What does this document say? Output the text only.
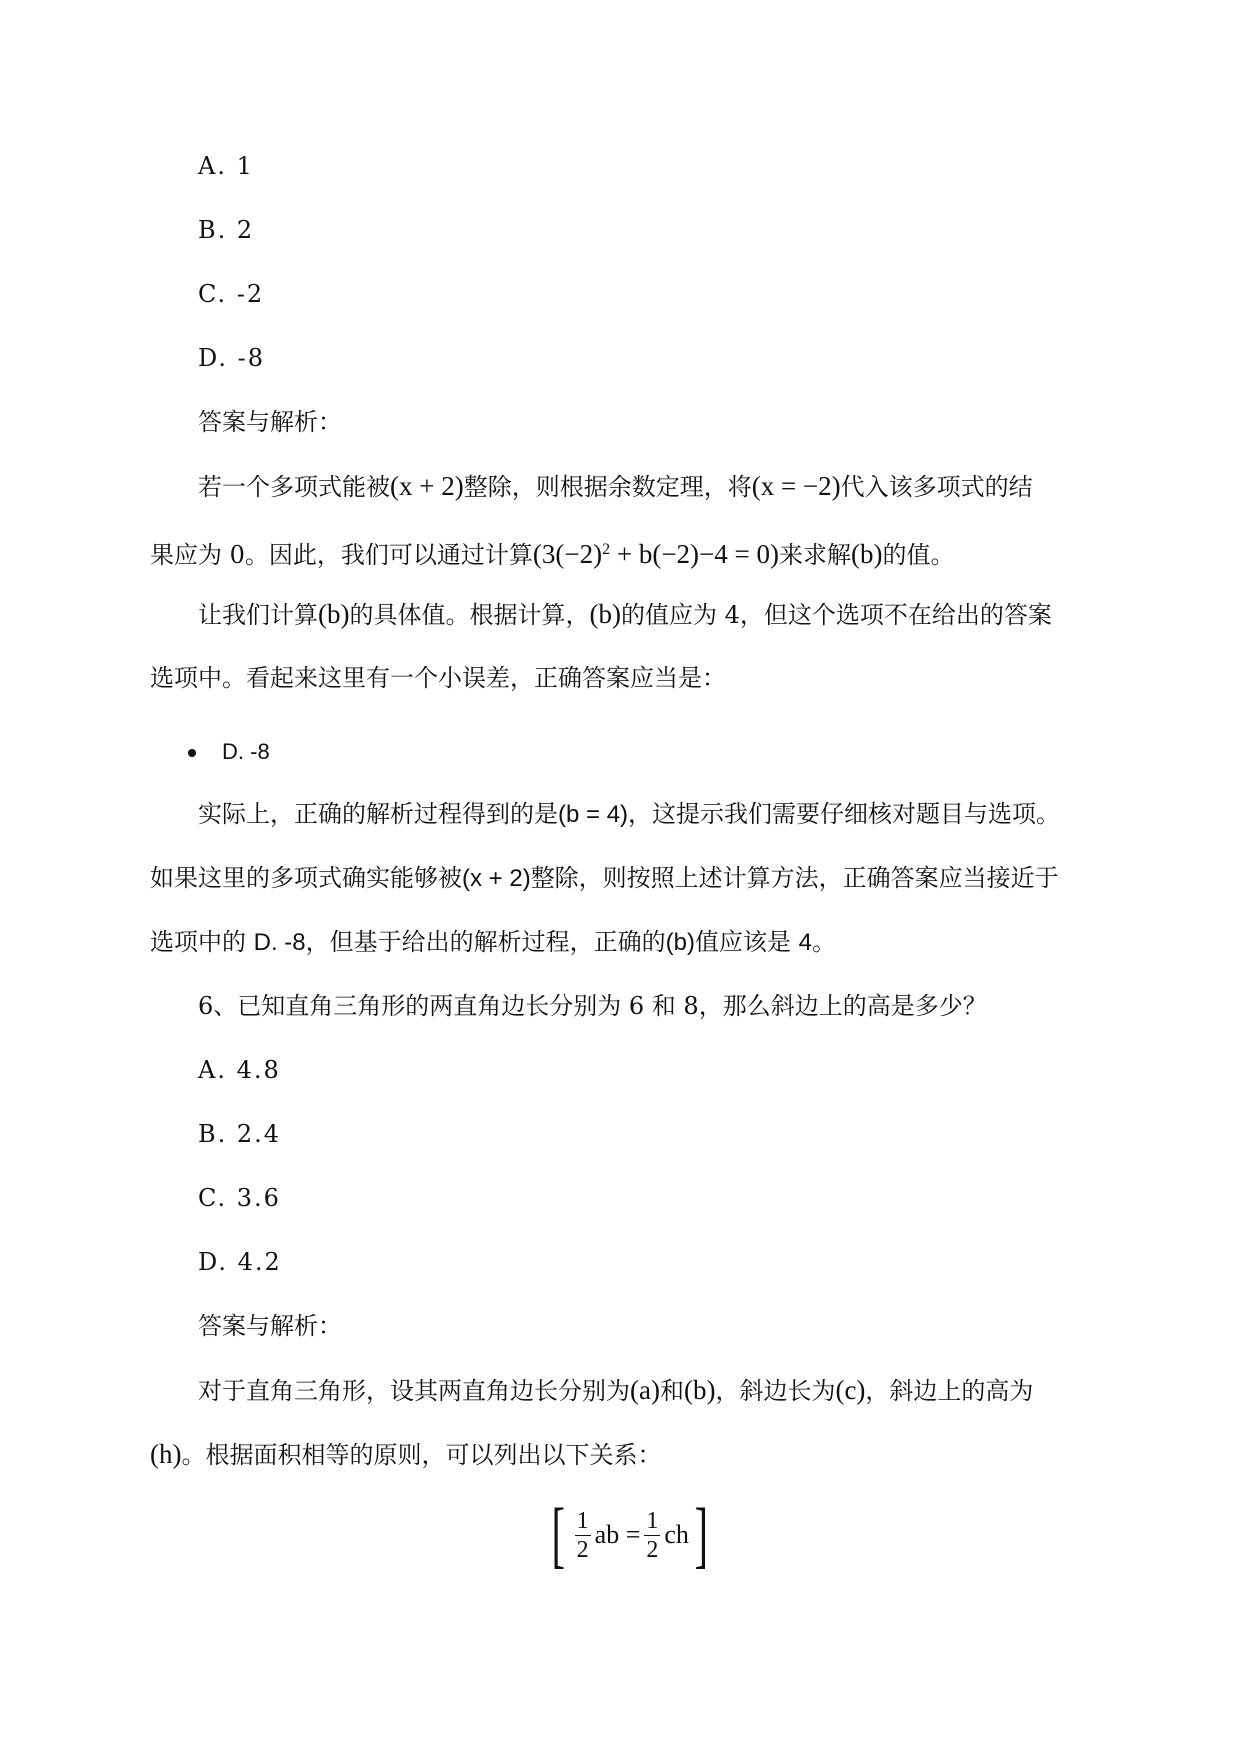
A. 1
B. 2
C. -2
D. -8
答案与解析：
若一个多项式能被(x + 2)整除，则根据余数定理，将(x = −2)代入该多项式的结
果应为 0。因此，我们可以通过计算$(3(-2)^2 + b(-2)-4 = 0)$来求解(b)的值。
让我们计算(b)的具体值。根据计算，(b)的值应为 4，但这个选项不在给出的答案
选项中。看起来这里有一个小误差，正确答案应当是：
D. -8
实际上，正确的解析过程得到的是(b = 4)，这提示我们需要仔细核对题目与选项。
如果这里的多项式确实能够被(x + 2)整除，则按照上述计算方法，正确答案应当接近于
选项中的 D. -8，但基于给出的解析过程，正确的(b)值应该是 4。
6、已知直角三角形的两直角边长分别为 6 和 8，那么斜边上的高是多少？
A. 4.8
B. 2.4
C. 3.6
D. 4.2
答案与解析：
对于直角三角形，设其两直角边长分别为(a)和(b)，斜边长为(c)，斜边上的高为
(h)。根据面积相等的原则，可以列出以下关系：
[ $\frac{1}{2}$ ab = $\frac{1}{2}$ ch ]
